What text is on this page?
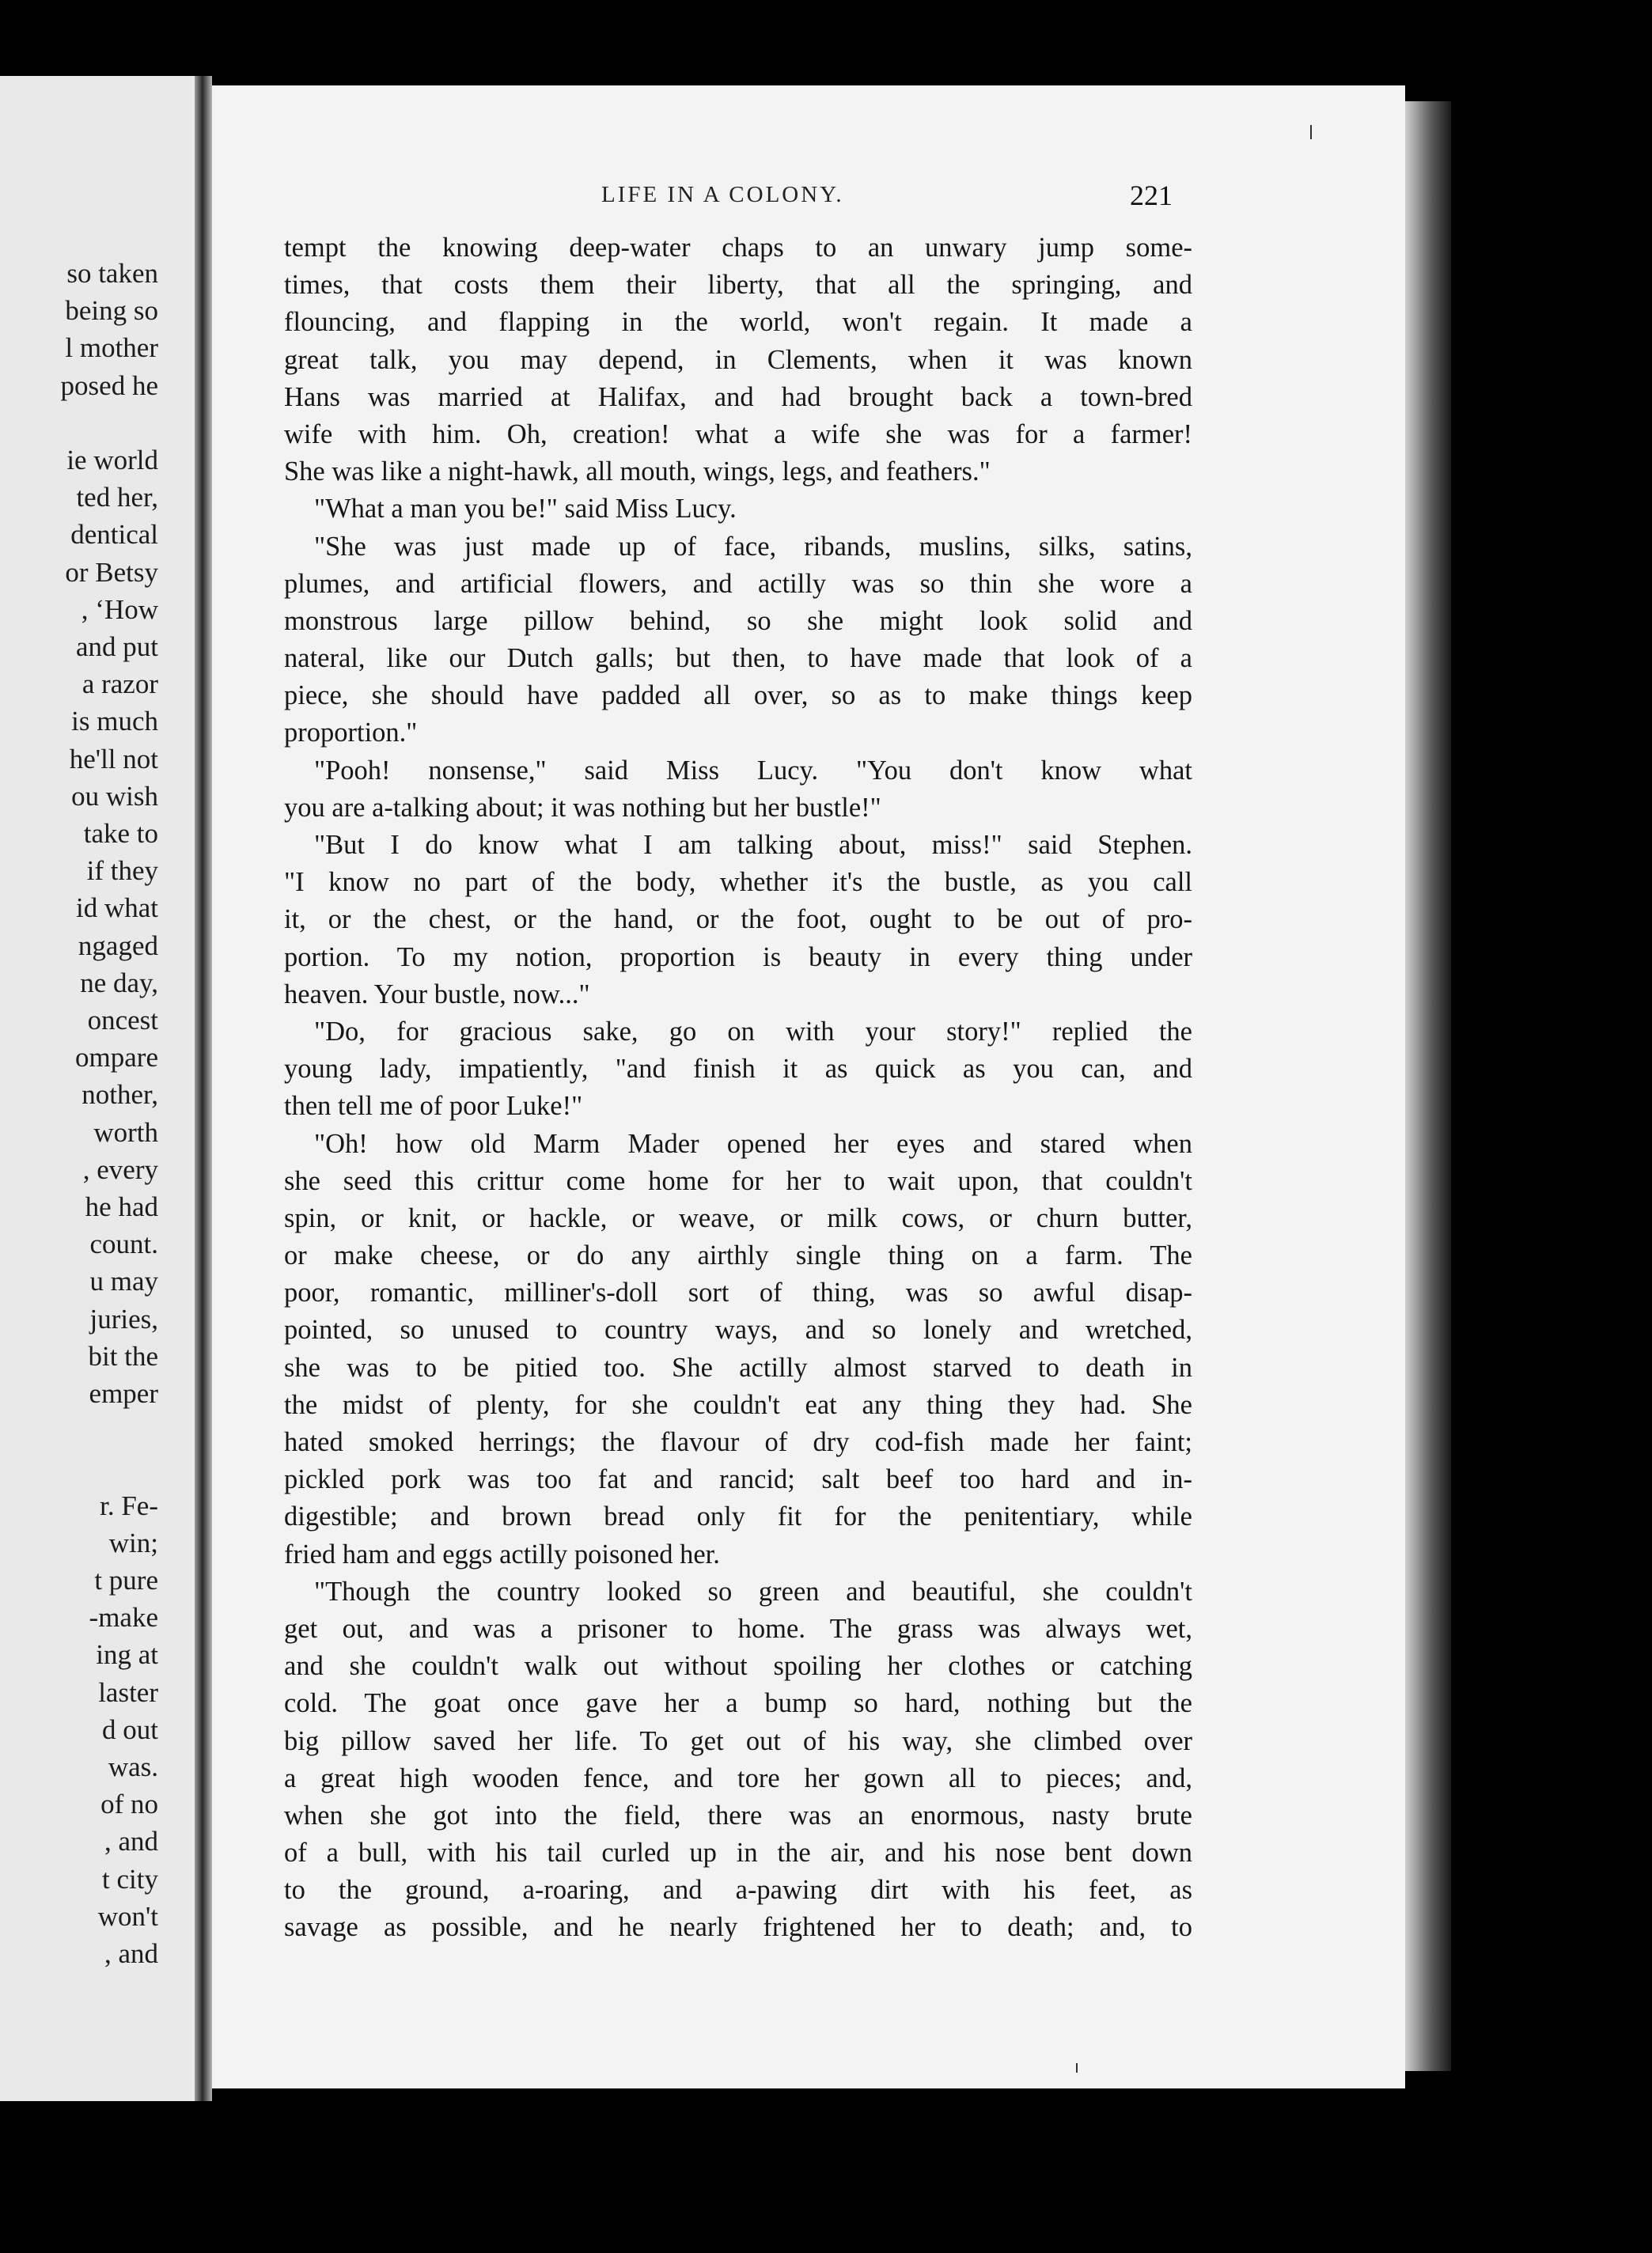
so taken
being so
l mother
posed he
ie world
ted her,
dentical
or Betsy
, ‘How
and put
a razor
is much
he'll not
ou wish
take to
if they
id what
ngaged
ne day,
oncest
ompare
nother,
worth
, every
he had
count.
u may
juries,
bit the
emper
r. Fe-
win;
t pure
-make
ing at
laster
d out
was.
of no
, and
t city
won't
, and
LIFE IN A COLONY.	221
tempt the knowing deep-water chaps to an unwary jump some-
times, that costs them their liberty, that all the springing, and
flouncing, and flapping in the world, won't regain. It made a
great talk, you may depend, in Clements, when it was known
Hans was married at Halifax, and had brought back a town-bred
wife with him. Oh, creation! what a wife she was for a farmer!
She was like a night-hawk, all mouth, wings, legs, and feathers."
"What a man you be!" said Miss Lucy.
"She was just made up of face, ribands, muslins, silks, satins,
plumes, and artificial flowers, and actilly was so thin she wore a
monstrous large pillow behind, so she might look solid and
nateral, like our Dutch galls; but then, to have made that look of a
piece, she should have padded all over, so as to make things keep
proportion."
"Pooh! nonsense," said Miss Lucy. "You don't know what
you are a-talking about; it was nothing but her bustle!"
"But I do know what I am talking about, miss!" said Stephen.
"I know no part of the body, whether it's the bustle, as you call
it, or the chest, or the hand, or the foot, ought to be out of pro-
portion. To my notion, proportion is beauty in every thing under
heaven. Your bustle, now..."
"Do, for gracious sake, go on with your story!" replied the
young lady, impatiently, "and finish it as quick as you can, and
then tell me of poor Luke!"
"Oh! how old Marm Mader opened her eyes and stared when
she seed this crittur come home for her to wait upon, that couldn't
spin, or knit, or hackle, or weave, or milk cows, or churn butter,
or make cheese, or do any airthly single thing on a farm. The
poor, romantic, milliner's-doll sort of thing, was so awful disap-
pointed, so unused to country ways, and so lonely and wretched,
she was to be pitied too. She actilly almost starved to death in
the midst of plenty, for she couldn't eat any thing they had. She
hated smoked herrings; the flavour of dry cod-fish made her faint;
pickled pork was too fat and rancid; salt beef too hard and in-
digestible; and brown bread only fit for the penitentiary, while
fried ham and eggs actilly poisoned her.
"Though the country looked so green and beautiful, she couldn't
get out, and was a prisoner to home. The grass was always wet,
and she couldn't walk out without spoiling her clothes or catching
cold. The goat once gave her a bump so hard, nothing but the
big pillow saved her life. To get out of his way, she climbed over
a great high wooden fence, and tore her gown all to pieces; and,
when she got into the field, there was an enormous, nasty brute
of a bull, with his tail curled up in the air, and his nose bent down
to the ground, a-roaring, and a-pawing dirt with his feet, as
savage as possible, and he nearly frightened her to death; and, to
